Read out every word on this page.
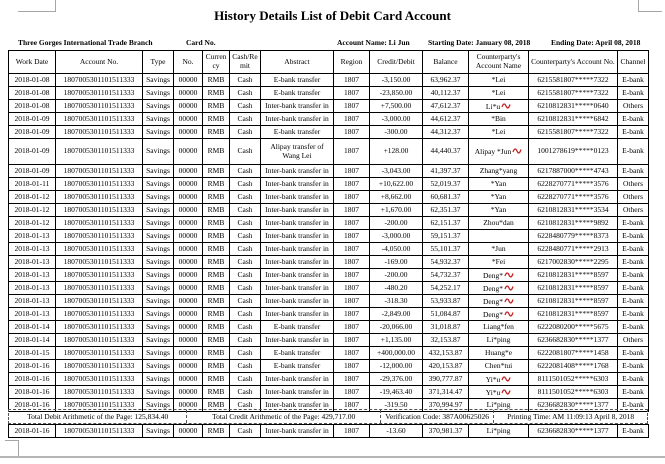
History Details List of Debit Card Account
Three Gorges International Trade Branch	Card No.	Account Name: Li Jun Starting Date: January 08, 2018	Ending Date: April 08, 2018
Work Date	Account No.	Type	No.	Currency	Cash/Remit	Abstract	Region	Credit/Debit	Balance	Counterparty's Account Name	Counterparty's Account No.	Channel
2018-01-08	1807005301101511333	Savings	00000	RMB	Cash	E-bank transfer	1807	-3,150.00	63,962.37	*Lei	6215581807*****7322	E-bank
2018-01-08	1807005301101511333	Savings	00000	RMB	Cash	E-bank transfer	1807	-23,850.00	40,112.37	*Lei	6215581807*****7322	E-bank
2018-01-08	1807005301101511333	Savings	00000	RMB	Cash	Inter-bank transfer in	1807	+7,500.00	47,612.37	Li*u	6210812831*****0640	Others
2018-01-09	1807005301101511333	Savings	00000	RMB	Cash	Inter-bank transfer in	1807	-3,000.00	44,612.37	*Bin	6210812831*****6842	E-bank
2018-01-09	1807005301101511333	Savings	00000	RMB	Cash	E-bank transfer	1807	-300.00	44,312.37	*Lei	6215581807*****7322	E-bank
2018-01-09	1807005301101511333	Savings	00000	RMB	Cash	Alipay transfer of Wang Lei	1807	+128.00	44,440.37	Alipay *Jun	1001278619*****0123	E-bank
2018-01-09	1807005301101511333	Savings	00000	RMB	Cash	Inter-bank transfer in	1807	-3,043.00	41,397.37	Zhang*yang	6217887000*****4743	E-bank
2018-01-11	1807005301101511333	Savings	00000	RMB	Cash	Inter-bank transfer in	1807	+10,622.00	52,019.37	*Yan	6228270771*****3576	Others
2018-01-12	1807005301101511333	Savings	00000	RMB	Cash	Inter-bank transfer in	1807	+8,662.00	60,681.37	*Yan	6228270771*****3576	Others
2018-01-12	1807005301101511333	Savings	00000	RMB	Cash	Inter-bank transfer in	1807	+1,670.00	62,351.37	*Yan	6210812831*****3534	Others
2018-01-12	1807005301101511333	Savings	00000	RMB	Cash	Inter-bank transfer in	1807	-200.00	62,151.37	Zhou*dan	6210812831*****9892	E-bank
2018-01-13	1807005301101511333	Savings	00000	RMB	Cash	Inter-bank transfer in	1807	-3,000.00	59,151.37		6228480779*****8373	E-bank
2018-01-13	1807005301101511333	Savings	00000	RMB	Cash	Inter-bank transfer in	1807	-4,050.00	55,101.37	*Jun	6228480771*****2913	E-bank
2018-01-13	1807005301101511333	Savings	00000	RMB	Cash	Inter-bank transfer in	1807	-169.00	54,932.37	*Fei	6217002830*****2295	E-bank
2018-01-13	1807005301101511333	Savings	00000	RMB	Cash	Inter-bank transfer in	1807	-200.00	54,732.37	Deng*	6210812831*****8597	E-bank
2018-01-13	1807005301101511333	Savings	00000	RMB	Cash	Inter-bank transfer in	1807	-480.20	54,252.17	Deng*	6210812831*****8597	E-bank
2018-01-13	1807005301101511333	Savings	00000	RMB	Cash	Inter-bank transfer in	1807	-318.30	53,933.87	Deng*	6210812831*****8597	E-bank
2018-01-13	1807005301101511333	Savings	00000	RMB	Cash	Inter-bank transfer in	1807	-2,849.00	51,084.87	Deng*	6210812831*****8597	E-bank
2018-01-14	1807005301101511333	Savings	00000	RMB	Cash	E-bank transfer	1807	-20,066.00	31,018.87	Liang*fen	6222080200*****5675	E-bank
2018-01-14	1807005301101511333	Savings	00000	RMB	Cash	Inter-bank transfer in	1807	+1,135.00	32,153.87	Li*ping	6236682830*****1377	Others
2018-01-15	1807005301101511333	Savings	00000	RMB	Cash	E-bank transfer	1807	+400,000.00	432,153.87	Huang*e	6222081807*****1458	E-bank
2018-01-16	1807005301101511333	Savings	00000	RMB	Cash	E-bank transfer	1807	-12,000.00	420,153.87	Chen*tui	6222081408*****1768	E-bank
2018-01-16	1807005301101511333	Savings	00000	RMB	Cash	Inter-bank transfer in	1807	-29,376.00	390,777.87	Yi*u	8111501052*****6303	E-bank
2018-01-16	1807005301101511333	Savings	00000	RMB	Cash	Inter-bank transfer in	1807	-19,463.40	371,314.47	Yi*u	8111501052*****6303	E-bank
2018-01-16	1807005301101511333	Savings	00000	RMB	Cash	Inter-bank transfer in	1807	-319.50	370,994.97	Li*ping	6236682830*****1377	E-bank
Total Debit Arithmetic of the Page: 125,834.40	Total Credit Arithmetic of the Page: 429,717.00	Verification Code: 387A00625026	Printing Time: AM 11:09:13 April 8, 2018
2018-01-16	1807005301101511333	Savings	00000	RMB	Cash	Inter-bank transfer in	1807	-13.60	370,981.37	Li*ping	6236682830*****1377	E-bank
